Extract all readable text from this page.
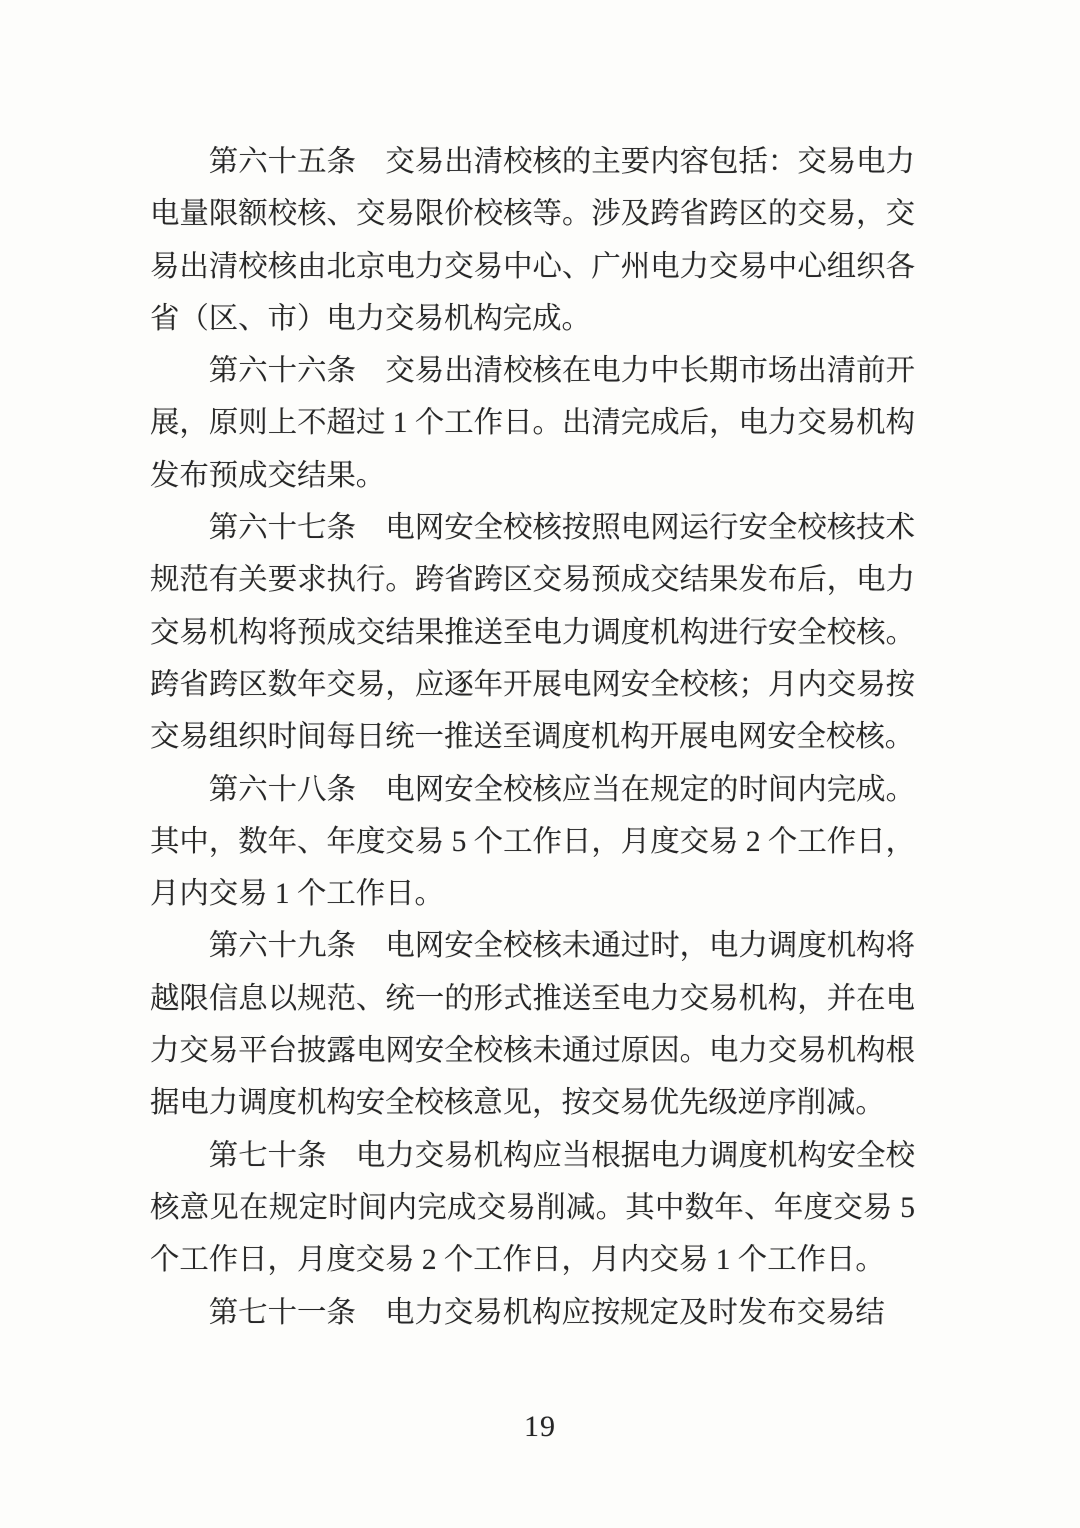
第六十五条　交易出清校核的主要内容包括：交易电力电量限额校核、交易限价校核等。涉及跨省跨区的交易，交易出清校核由北京电力交易中心、广州电力交易中心组织各省（区、市）电力交易机构完成。

第六十六条　交易出清校核在电力中长期市场出清前开展，原则上不超过 1 个工作日。出清完成后，电力交易机构发布预成交结果。

第六十七条　电网安全校核按照电网运行安全校核技术规范有关要求执行。跨省跨区交易预成交结果发布后，电力交易机构将预成交结果推送至电力调度机构进行安全校核。跨省跨区数年交易，应逐年开展电网安全校核；月内交易按交易组织时间每日统一推送至调度机构开展电网安全校核。

第六十八条　电网安全校核应当在规定的时间内完成。其中，数年、年度交易 5 个工作日，月度交易 2 个工作日，月内交易 1 个工作日。

第六十九条　电网安全校核未通过时，电力调度机构将越限信息以规范、统一的形式推送至电力交易机构，并在电力交易平台披露电网安全校核未通过原因。电力交易机构根据电力调度机构安全校核意见，按交易优先级逆序削减。

第七十条　电力交易机构应当根据电力调度机构安全校核意见在规定时间内完成交易削减。其中数年、年度交易 5 个工作日，月度交易 2 个工作日，月内交易 1 个工作日。

第七十一条　电力交易机构应按规定及时发布交易结

19
